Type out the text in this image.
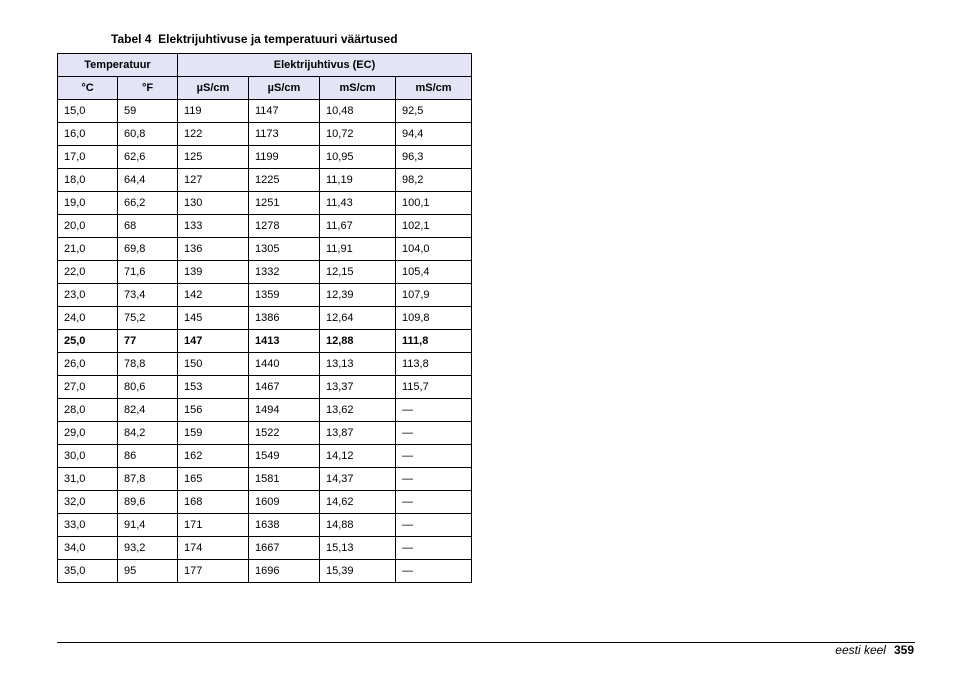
Tabel 4  Elektrijuhtivuse ja temperatuuri väärtused
Temperatuur		Elektrijuhtivus (EC)			
°C	°F	µS/cm	µS/cm	mS/cm	mS/cm
15,0	59	119	1147	10,48	92,5
16,0	60,8	122	1173	10,72	94,4
17,0	62,6	125	1199	10,95	96,3
18,0	64,4	127	1225	11,19	98,2
19,0	66,2	130	1251	11,43	100,1
20,0	68	133	1278	11,67	102,1
21,0	69,8	136	1305	11,91	104,0
22,0	71,6	139	1332	12,15	105,4
23,0	73,4	142	1359	12,39	107,9
24,0	75,2	145	1386	12,64	109,8
25,0	77	147	1413	12,88	111,8
26,0	78,8	150	1440	13,13	113,8
27,0	80,6	153	1467	13,37	115,7
28,0	82,4	156	1494	13,62	—
29,0	84,2	159	1522	13,87	—
30,0	86	162	1549	14,12	—
31,0	87,8	165	1581	14,37	—
32,0	89,6	168	1609	14,62	—
33,0	91,4	171	1638	14,88	—
34,0	93,2	174	1667	15,13	—
35,0	95	177	1696	15,39	—
eesti keel 359
